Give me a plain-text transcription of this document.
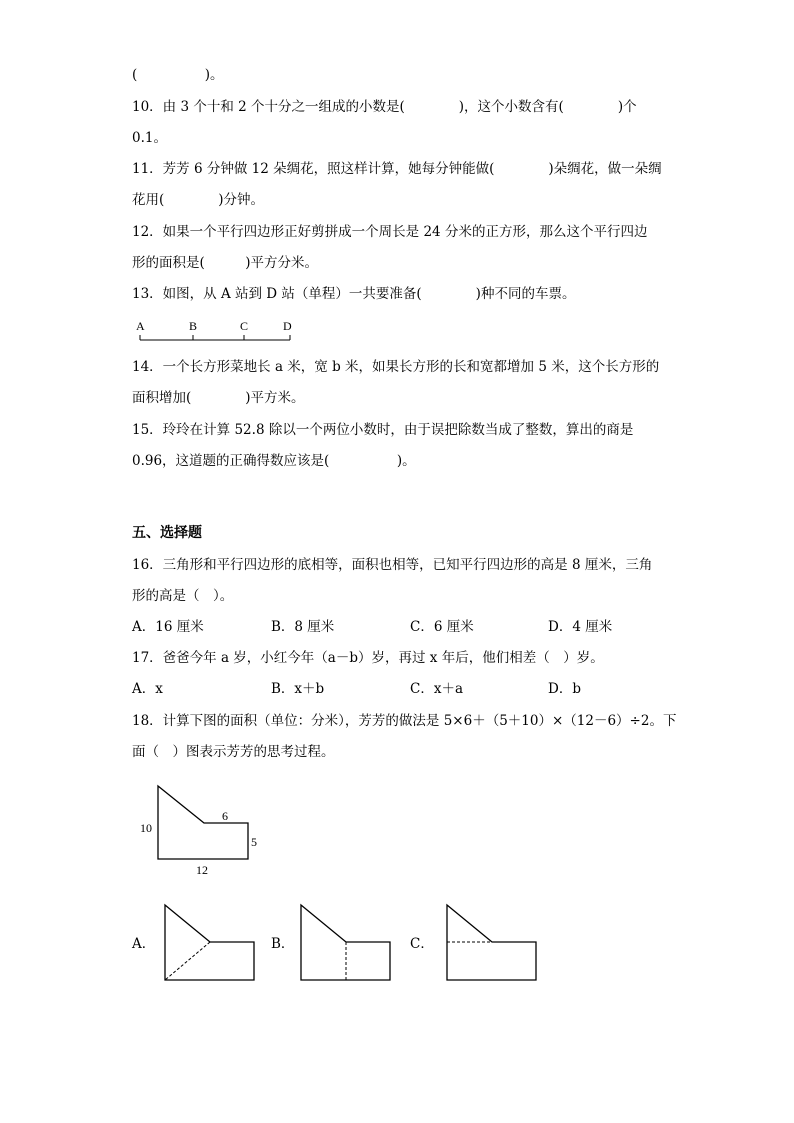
(　　　　　)。
10．由 3 个十和 2 个十分之一组成的小数是(　　　　)，这个小数含有(　　　　)个
0.1。
11．芳芳 6 分钟做 12 朵绸花，照这样计算，她每分钟能做(　　　　)朵绸花，做一朵绸
花用(　　　　)分钟。
12．如果一个平行四边形正好剪拼成一个周长是 24 分米的正方形，那么这个平行四边
形的面积是(　　　)平方分米。
13．如图，从 A 站到 D 站（单程）一共要准备(　　　　)种不同的车票。
A	B	C	D
14．一个长方形菜地长 a 米，宽 b 米，如果长方形的长和宽都增加 5 米，这个长方形的
面积增加(　　　　)平方米。
15．玲玲在计算 52.8 除以一个两位小数时，由于误把除数当成了整数，算出的商是
0.96，这道题的正确得数应该是(　　　　　)。
五、选择题
16．三角形和平行四边形的底相等，面积也相等，已知平行四边形的高是 8 厘米，三角
形的高是（　）。
A．16 厘米	B．8 厘米	C．6 厘米	D．4 厘米
17．爸爸今年 a 岁，小红今年（a－b）岁，再过 x 年后，他们相差（　）岁。
A．x	B．x＋b	C．x＋a	D．b
18．计算下图的面积（单位：分米），芳芳的做法是 5×6＋（5＋10）×（12－6）÷2。下
面（　）图表示芳芳的思考过程。
6
10
5
12
A．	B．	C．
